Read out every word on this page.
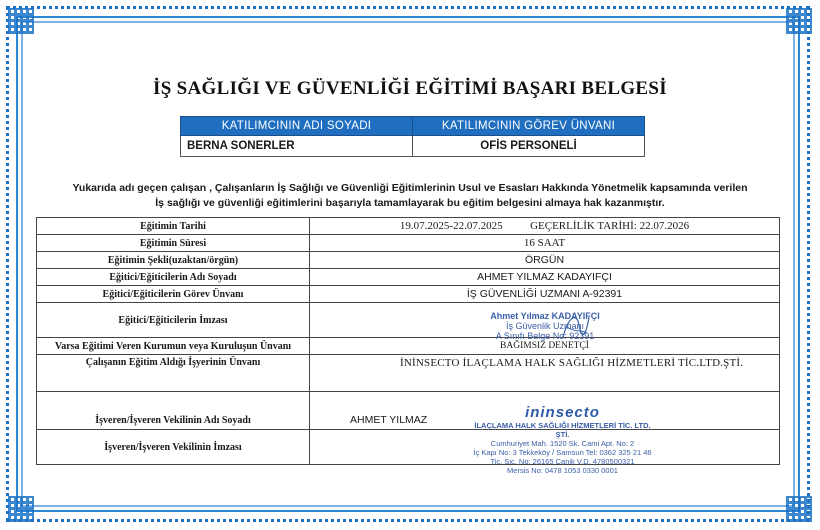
İŞ SAĞLIĞI VE GÜVENLİĞİ EĞİTİMİ BAŞARI BELGESİ
KATILIMCININ ADI SOYADI	KATILIMCININ GÖREV ÜNVANI
BERNA SONERLER	OFİS PERSONELİ
Yukarıda adı geçen çalışan , Çalışanların İş Sağlığı ve Güvenliği Eğitimlerinin Usul ve Esasları Hakkında Yönetmelik kapsamında verilen
İş sağlığı ve güvenliği eğitimlerini başarıyla tamamlayarak bu eğitim belgesini almaya hak kazanmıştır.
Eğitimin Tarihi	19.07.2025-22.07.2025 GEÇERLİLİK TARİHİ: 22.07.2026
Eğitimin Süresi	16 SAAT
Eğitimin Şekli(uzaktan/örgün)	ÖRGÜN
Eğitici/Eğiticilerin Adı Soyadı	AHMET YILMAZ KADAYIFÇI
Eğitici/Eğiticilerin Görev Ünvanı	İŞ GÜVENLİĞİ UZMANI A-92391
Eğitici/Eğiticilerin İmzası	
Varsa Eğitimi Veren Kurumun veya Kuruluşun Ünvanı	BAĞIMSIZ DENETÇİ
Çalışanın Eğitim Aldığı İşyerinin Ünvanı	İNİNSECTO İLAÇLAMA HALK SAĞLIĞI HİZMETLERİ TİC.LTD.ŞTİ.
İşveren/İşveren Vekilinin Adı Soyadı	AHMET YILMAZ
İşveren/İşveren Vekilinin İmzası	
Ahmet Yılmaz KADAYIFÇI
İş Güvenlik Uzmanı
A Sınıfı Belge No: 92391
ininsecto
İLAÇLAMA HALK SAĞLIĞI HİZMETLERİ TİC. LTD. ŞTİ.
Cumhuriyet Mah. 1520 Sk. Cami Apt. No: 2
İç Kapı No: 3 Tekkeköy / Samsun Tel: 0362 325 21 46
Tic. Sic. No: 26165 Canik V.D. 4780500321
Mersis No: 0478 1053 0330 0001
